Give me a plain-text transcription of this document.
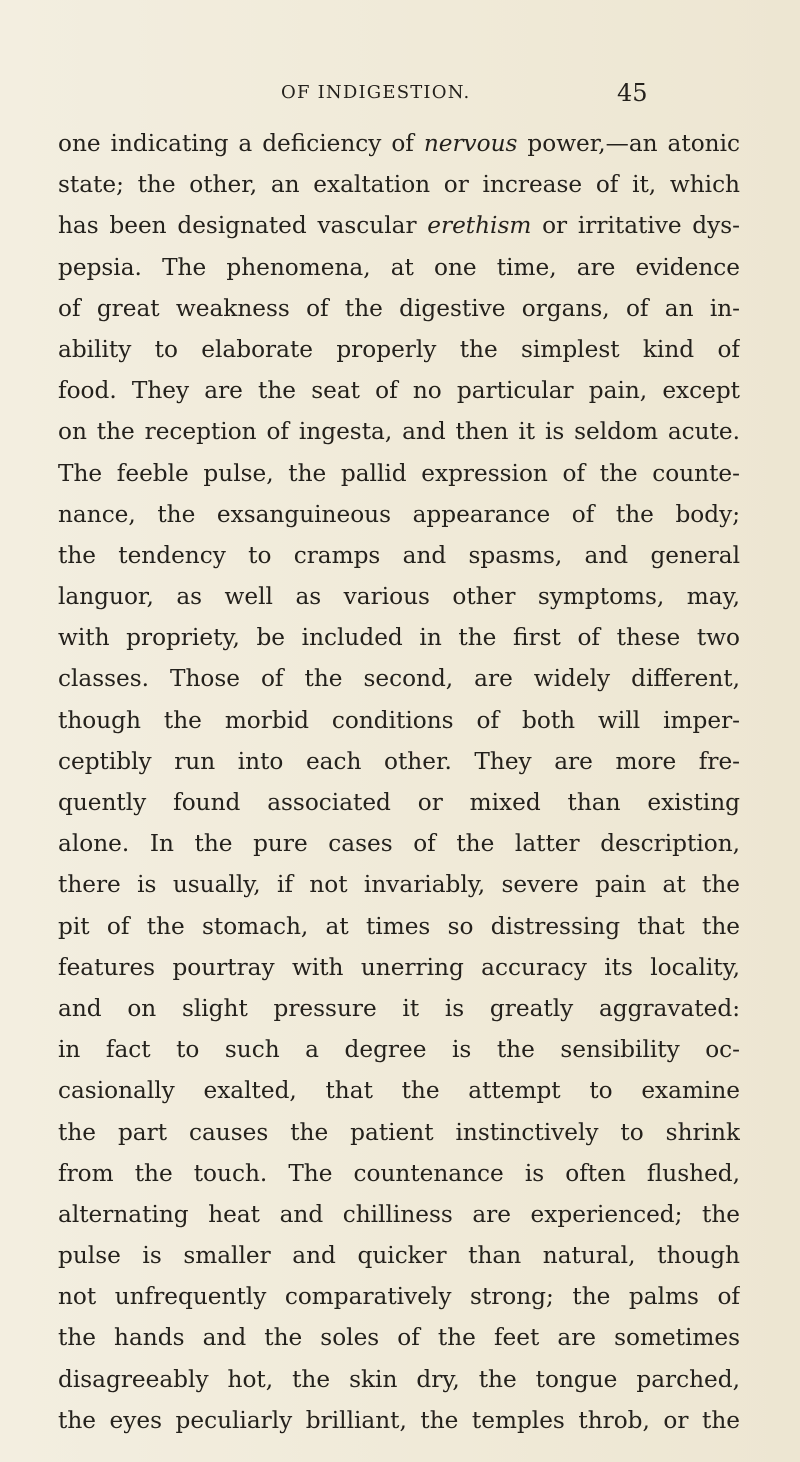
OF INDIGESTION.	45
one indicating a deficiency of nervous power,—an atonic
state; the other, an exaltation or increase of it, which
has been designated vascular erethism or irritative dys-
pepsia. The phenomena, at one time, are evidence
of great weakness of the digestive organs, of an in-
ability to elaborate properly the simplest kind of
food. They are the seat of no particular pain, except
on the reception of ingesta, and then it is seldom acute.
The feeble pulse, the pallid expression of the counte-
nance, the exsanguineous appearance of the body;
the tendency to cramps and spasms, and general
languor, as well as various other symptoms, may,
with propriety, be included in the first of these two
classes. Those of the second, are widely different,
though the morbid conditions of both will imper-
ceptibly run into each other. They are more fre-
quently found associated or mixed than existing
alone. In the pure cases of the latter description,
there is usually, if not invariably, severe pain at the
pit of the stomach, at times so distressing that the
features pourtray with unerring accuracy its locality,
and on slight pressure it is greatly aggravated:
in fact to such a degree is the sensibility oc-
casionally exalted, that the attempt to examine
the part causes the patient instinctively to shrink
from the touch. The countenance is often flushed,
alternating heat and chilliness are experienced; the
pulse is smaller and quicker than natural, though
not unfrequently comparatively strong; the palms of
the hands and the soles of the feet are sometimes
disagreeably hot, the skin dry, the tongue parched,
the eyes peculiarly brilliant, the temples throb, or the
